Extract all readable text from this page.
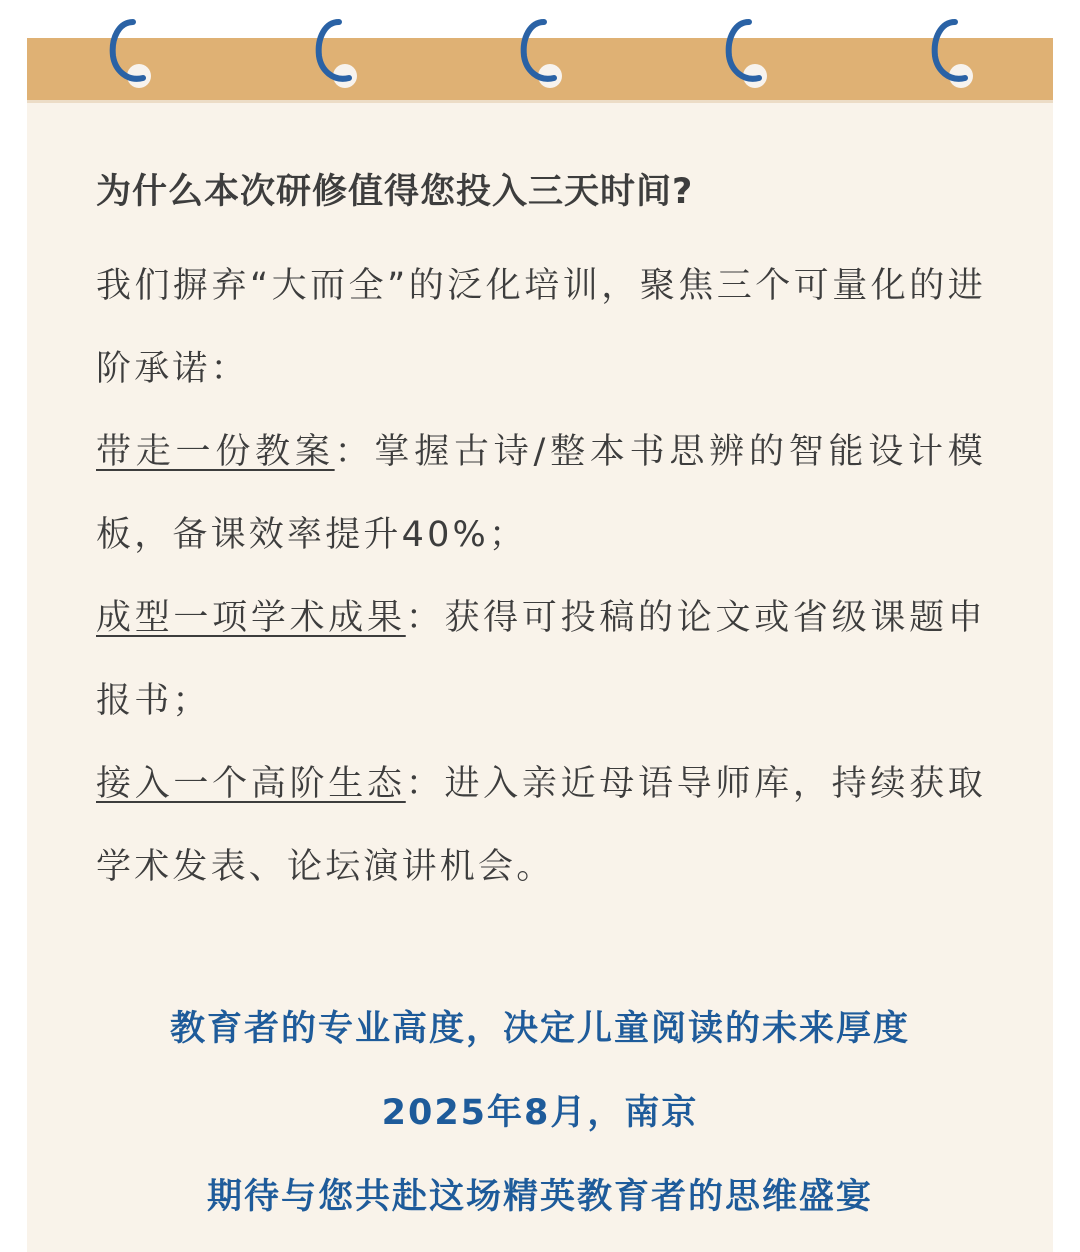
为什么本次研修值得您投入三天时间?

我们摒弃“大而全”的泛化培训，聚焦三个可量化的进阶承诺：

带走一份教案：掌握古诗/整本书思辨的智能设计模板，备课效率提升40%；

成型一项学术成果：获得可投稿的论文或省级课题申报书；

接入一个高阶生态：进入亲近母语导师库，持续获取学术发表、论坛演讲机会。

教育者的专业高度，决定儿童阅读的未来厚度

2025年8月，南京

期待与您共赴这场精英教育者的思维盛宴
